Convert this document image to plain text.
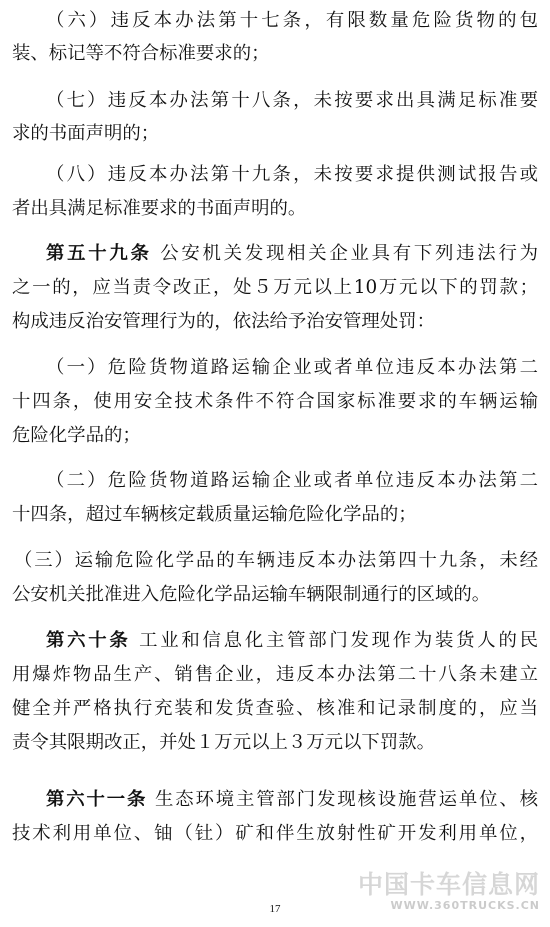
（六）违反本办法第十七条，有限数量危险货物的包
装、标记等不符合标准要求的；
（七）违反本办法第十八条，未按要求出具满足标准要
求的书面声明的；
（八）违反本办法第十九条，未按要求提供测试报告或
者出具满足标准要求的书面声明的。
第五十九条 公安机关发现相关企业具有下列违法行为
之一的，应当责令改正，处５万元以上10万元以下的罚款；
构成违反治安管理行为的，依法给予治安管理处罚：
（一）危险货物道路运输企业或者单位违反本办法第二
十四条，使用安全技术条件不符合国家标准要求的车辆运输
危险化学品的；
（二）危险货物道路运输企业或者单位违反本办法第二
十四条，超过车辆核定载质量运输危险化学品的；
（三）运输危险化学品的车辆违反本办法第四十九条，未经
公安机关批准进入危险化学品运输车辆限制通行的区域的。
第六十条 工业和信息化主管部门发现作为装货人的民
用爆炸物品生产、销售企业，违反本办法第二十八条未建立
健全并严格执行充装和发货查验、核准和记录制度的，应当
责令其限期改正，并处１万元以上３万元以下罚款。
第六十一条 生态环境主管部门发现核设施营运单位、核
技术利用单位、铀（钍）矿和伴生放射性矿开发利用单位，
17
中国卡车信息网
WWW.360TRUCKS.CN
